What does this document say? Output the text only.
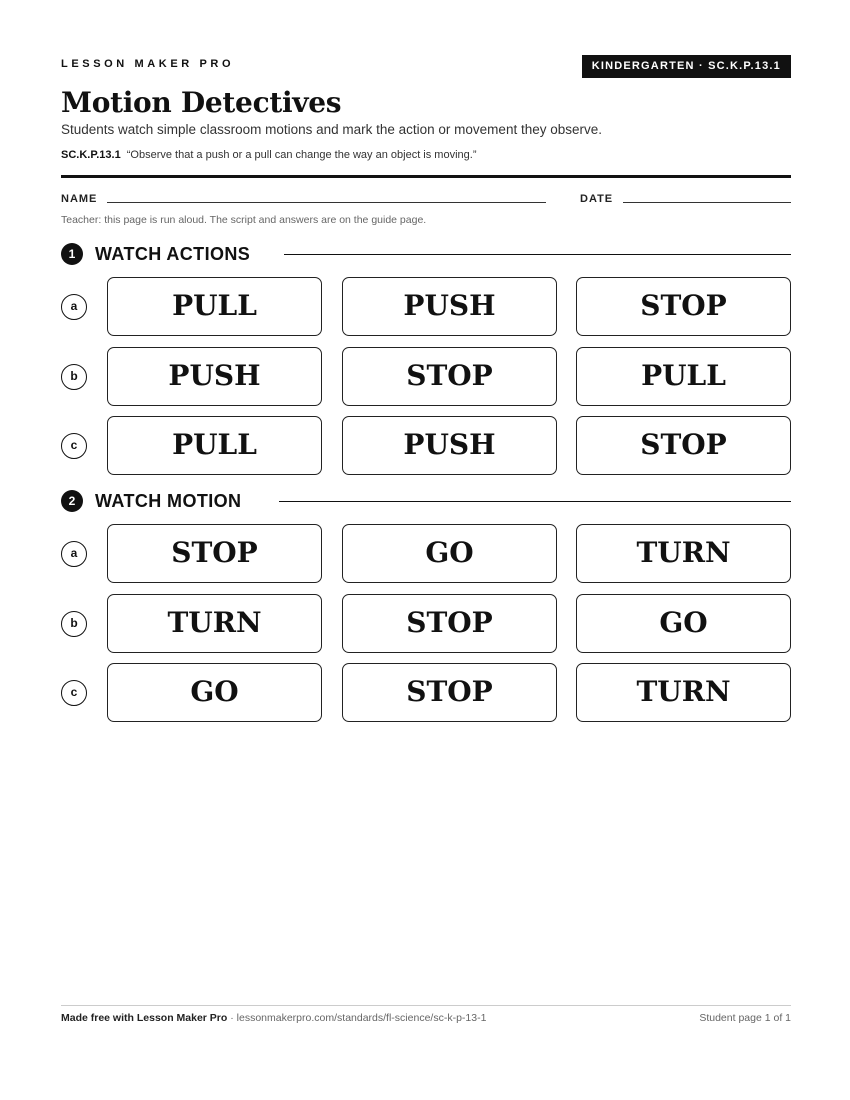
LESSON MAKER PRO	KINDERGARTEN · SC.K.P.13.1
Motion Detectives
Students watch simple classroom motions and mark the action or movement they observe.
SC.K.P.13.1 “Observe that a push or a pull can change the way an object is moving.”
NAME	DATE
Teacher: this page is run aloud. The script and answers are on the guide page.
1	WATCH ACTIONS
a	PULL	PUSH	STOP
b	PUSH	STOP	PULL
c	PULL	PUSH	STOP
2	WATCH MOTION
a	STOP	GO	TURN
b	TURN	STOP	GO
c	GO	STOP	TURN
Made free with Lesson Maker Pro · lessonmakerpro.com/standards/fl-science/sc-k-p-13-1	Student page 1 of 1
